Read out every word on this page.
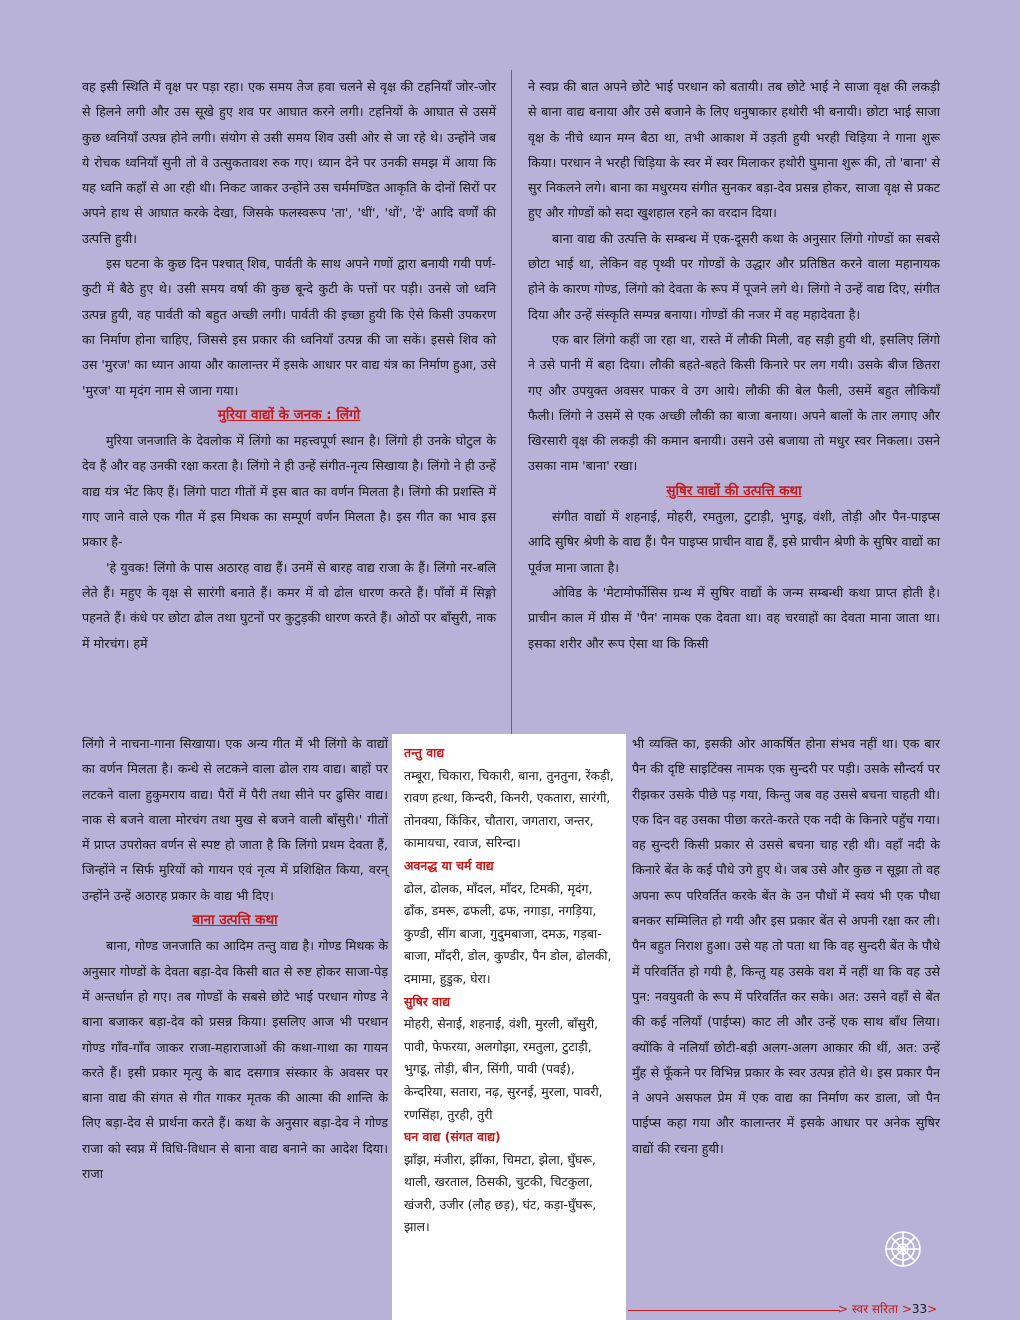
वह इसी स्थिति में वृक्ष पर पड़ा रहा। एक समय तेज हवा चलने से वृक्ष की टहनियाँ जोर-जोर से हिलने लगी और उस सूखे हुए शव पर आघात करने लगी। टहनियों के आघात से उसमें कुछ ध्वनियाँ उत्पन्न होने लगी। संयोग से उसी समय शिव उसी ओर से जा रहे थे। उन्होंने जब ये रोचक ध्वनियाँ सुनी तो वे उत्सुकतावश रुक गए। ध्यान देने पर उनकी समझ में आया कि यह ध्वनि कहाँ से आ रही थी। निकट जाकर उन्होंने उस चर्ममण्डित आकृति के दोनों सिरों पर अपने हाथ से आघात करके देखा, जिसके फलस्वरूप 'ता', 'धीं', 'धों', 'दें' आदि वर्णों की उत्पत्ति हुयी।

इस घटना के कुछ दिन पश्चात् शिव, पार्वती के साथ अपने गणों द्वारा बनायी गयी पर्ण-कुटी में बैठे हुए थे। उसी समय वर्षा की कुछ बून्दे कुटी के पत्तों पर पड़ी। उनसे जो ध्वनि उत्पन्न हुयी, वह पार्वती को बहुत अच्छी लगी। पार्वती की इच्छा हुयी कि ऐसे किसी उपकरण का निर्माण होना चाहिए, जिससे इस प्रकार की ध्वनियाँ उत्पन्न की जा सकें। इससे शिव को उस 'मुरज' का ध्यान आया और कालान्तर में इसके आधार पर वाद्य यंत्र का निर्माण हुआ, उसे 'मुरज' या मृदंग नाम से जाना गया।

मुरिया वाद्यों के जनक : लिंगो

मुरिया जनजाति के देवलोक में लिंगो का महत्त्वपूर्ण स्थान है। लिंगो ही उनके घोटुल के देव हैं और वह उनकी रक्षा करता है। लिंगो ने ही उन्हें संगीत-नृत्य सिखाया है। लिंगो ने ही उन्हें वाद्य यंत्र भेंट किए हैं। लिंगो पाटा गीतों में इस बात का वर्णन मिलता है। लिंगो की प्रशस्ति में गाए जाने वाले एक गीत में इस मिथक का सम्पूर्ण वर्णन मिलता है। इस गीत का भाव इस प्रकार है-

'हे युवक! लिंगो के पास अठारह वाद्य हैं। उनमें से बारह वाद्य राजा के हैं। लिंगो नर-बलि लेते हैं। महुए के वृक्ष से सारंगी बनाते हैं। कमर में वो ढोल धारण करते हैं। पाँवों में सिङ्गो पहनते हैं। कंधे पर छोटा ढोल तथा घुटनों पर कुटुड़की धारण करते हैं। ओठों पर बाँसुरी, नाक में मोरचंग। हमें

लिंगो ने नाचना-गाना सिखाया। एक अन्य गीत में भी लिंगो के वाद्यों का वर्णन मिलता है। कन्धे से लटकने वाला ढोल राय वाद्य। बाहों पर लटकने वाला हुकुमराय वाद्य। पैरों में पैरी तथा सीने पर ढुसिर वाद्य। नाक से बजने वाला मोरचंग तथा मुख से बजने वाली बाँसुरी।' गीतों में प्राप्त उपरोक्त वर्णन से स्पष्ट हो जाता है कि लिंगो प्रथम देवता हैं, जिन्होंने न सिर्फ मुरियों को गायन एवं नृत्य में प्रशिक्षित किया, वरन् उन्होंने उन्हें अठारह प्रकार के वाद्य भी दिए।

बाना उत्पत्ति कथा

बाना, गोण्ड जनजाति का आदिम तन्तु वाद्य है। गोण्ड मिथक के अनुसार गोण्डों के देवता बड़ा-देव किसी बात से रुष्ट होकर साजा-पेड़ में अन्तर्धान हो गए। तब गोण्डों के सबसे छोटे भाई परधान गोण्ड ने बाना बजाकर बड़ा-देव को प्रसन्न किया। इसलिए आज भी परधान गोण्ड गाँव-गाँव जाकर राजा-महाराजाओं की कथा-गाथा का गायन करते हैं। इसी प्रकार मृत्यु के बाद दसगात्र संस्कार के अवसर पर बाना वाद्य की संगत से गीत गाकर मृतक की आत्मा की शान्ति के लिए बड़ा-देव से प्रार्थना करते हैं। कथा के अनुसार बड़ा-देव ने गोण्ड राजा को स्वप्न में विधि-विधान से बाना वाद्य बनाने का आदेश दिया। राजा

ने स्वप्न की बात अपने छोटे भाई परधान को बतायी। तब छोटे भाई ने साजा वृक्ष की लकड़ी से बाना वाद्य बनाया और उसे बजाने के लिए धनुषाकार हथोरी भी बनायी। छोटा भाई साजा वृक्ष के नीचे ध्यान मग्न बैठा था, तभी आकाश में उड़ती हुयी भरही चिड़िया ने गाना शुरू किया। परधान ने भरही चिड़िया के स्वर में स्वर मिलाकर हथोरी घुमाना शुरू की, तो 'बाना' से सुर निकलने लगे। बाना का मधुरमय संगीत सुनकर बड़ा-देव प्रसन्न होकर, साजा वृक्ष से प्रकट हुए और गोण्डों को सदा खुशहाल रहने का वरदान दिया।

बाना वाद्य की उत्पत्ति के सम्बन्ध में एक-दूसरी कथा के अनुसार लिंगो गोण्डों का सबसे छोटा भाई था, लेकिन वह पृथ्वी पर गोण्डों के उद्धार और प्रतिष्ठित करने वाला महानायक होने के कारण गोण्ड, लिंगो को देवता के रूप में पूजने लगे थे। लिंगो ने उन्हें वाद्य दिए, संगीत दिया और उन्हें संस्कृति सम्पन्न बनाया। गोण्डों की नजर में वह महादेवता है।

एक बार लिंगो कहीं जा रहा था, रास्ते में लौकी मिली, वह सड़ी हुयी थी, इसलिए लिंगो ने उसे पानी में बहा दिया। लौकी बहते-बहते किसी किनारे पर लग गयी। उसके बीज छितरा गए और उपयुक्त अवसर पाकर वे उग आये। लौकी की बेल फैली, उसमें बहुत लौकियाँ फैली। लिंगो ने उसमें से एक अच्छी लौकी का बाजा बनाया। अपने बालों के तार लगाए और खिरसारी वृक्ष की लकड़ी की कमान बनायी। उसने उसे बजाया तो मधुर स्वर निकला। उसने उसका नाम 'बाना' रखा।

सुषिर वाद्यों की उत्पत्ति कथा

संगीत वाद्यों में शहनाई, मोहरी, रमतुला, टुटाड़ी, भुगडू, वंशी, तोड़ी और पैन-पाइप्स आदि सुषिर श्रेणी के वाद्य हैं। पैन पाइप्स प्राचीन वाद्य हैं, इसे प्राचीन श्रेणी के सुषिर वाद्यों का पूर्वज माना जाता है।

ओविड के 'मेटामोर्फोसिस ग्रन्थ में सुषिर वाद्यों के जन्म सम्बन्धी कथा प्राप्त होती है। प्राचीन काल में ग्रीस में 'पैन' नामक एक देवता था। वह चरवाहों का देवता माना जाता था। इसका शरीर और रूप ऐसा था कि किसी

भी व्यक्ति का, इसकी ओर आकर्षित होना संभव नहीं था। एक बार पैन की दृष्टि साइटिंक्स नामक एक सुन्दरी पर पड़ी। उसके सौन्दर्य पर रीझकर उसके पीछे पड़ गया, किन्तु जब वह उससे बचना चाहती थी। एक दिन वह उसका पीछा करते-करते एक नदी के किनारे पहुँच गया। वह सुन्दरी किसी प्रकार से उससे बचना चाह रही थी। वहाँ नदी के किनारे बेंत के कई पौधे उगे हुए थे। जब उसे और कुछ न सूझा तो वह अपना रूप परिवर्तित करके बेंत के उन पौधों में स्वयं भी एक पौधा बनकर सम्मिलित हो गयी और इस प्रकार बेंत से अपनी रक्षा कर ली। पैन बहुत निराश हुआ। उसे यह तो पता था कि वह सुन्दरी बेंत के पौधे में परिवर्तित हो गयी है, किन्तु यह उसके वश में नहीं था कि वह उसे पुन: नवयुवती के रूप में परिवर्तित कर सके। अत: उसने वहाँ से बेंत की कई नलियाँ (पाईप्स) काट ली और उन्हें एक साथ बाँध लिया। क्योंकि वे नलियाँ छोटी-बड़ी अलग-अलग आकार की थीं, अत: उन्हें मुँह से फूँकने पर विभिन्न प्रकार के स्वर उत्पन्न होते थे। इस प्रकार पैन ने अपने असफल प्रेम में एक वाद्य का निर्माण कर डाला, जो पैन पाईप्स कहा गया और कालान्तर में इसके आधार पर अनेक सुषिर वाद्यों की रचना हुयी।

तन्तु वाद्य
तम्बूरा, चिकारा, चिकारी, बाना, तुनतुना, रेंकड़ी, रावण हत्था, किन्दरी, किनरी, एकतारा, सारंगी, तोनक्या, किंकिर, चौतारा, जगतारा, जन्तर, कामायचा, रवाज, सरिन्दा।
अवनद्ध या चर्म वाद्य
ढोल, ढोलक, माँदल, माँदर, टिमकी, मृदंग, ढाँक, डमरू, ढफली, ढफ, नगाड़ा, नगड़िया, कुण्डी, सींग बाजा, गुदुमबाजा, दमऊ, गड़बा-बाजा, माँदरी, डोल, कुण्डीर, पैन डोल, ढोलकी, दमामा, हुडुक, घेरा।
सुषिर वाद्य
मोहरी, सेनाई, शहनाई, वंशी, मुरली, बाँसुरी, पावी, फेफरया, अलगोझा, रमतुला, टुटाड़ी, भुगडू, तोड़ी, बीन, सिंगी, पावी (पवई), केन्दरिया, सतारा, नढ़, सुरनई, मुरला, पावरी, रणसिंहा, तुरही, तुरी
घन वाद्य (संगत वाद्य)
झाँझ, मंजीरा, झींका, चिमटा, झेला, घुँघरू, थाली, खरताल, ठिसकी, चुटकी, चिटकुला, खंजरी, उजीर (लौह छड़), घंट, कड़ा-घुँघरू, झाल।
> स्वर सरिता >33>
